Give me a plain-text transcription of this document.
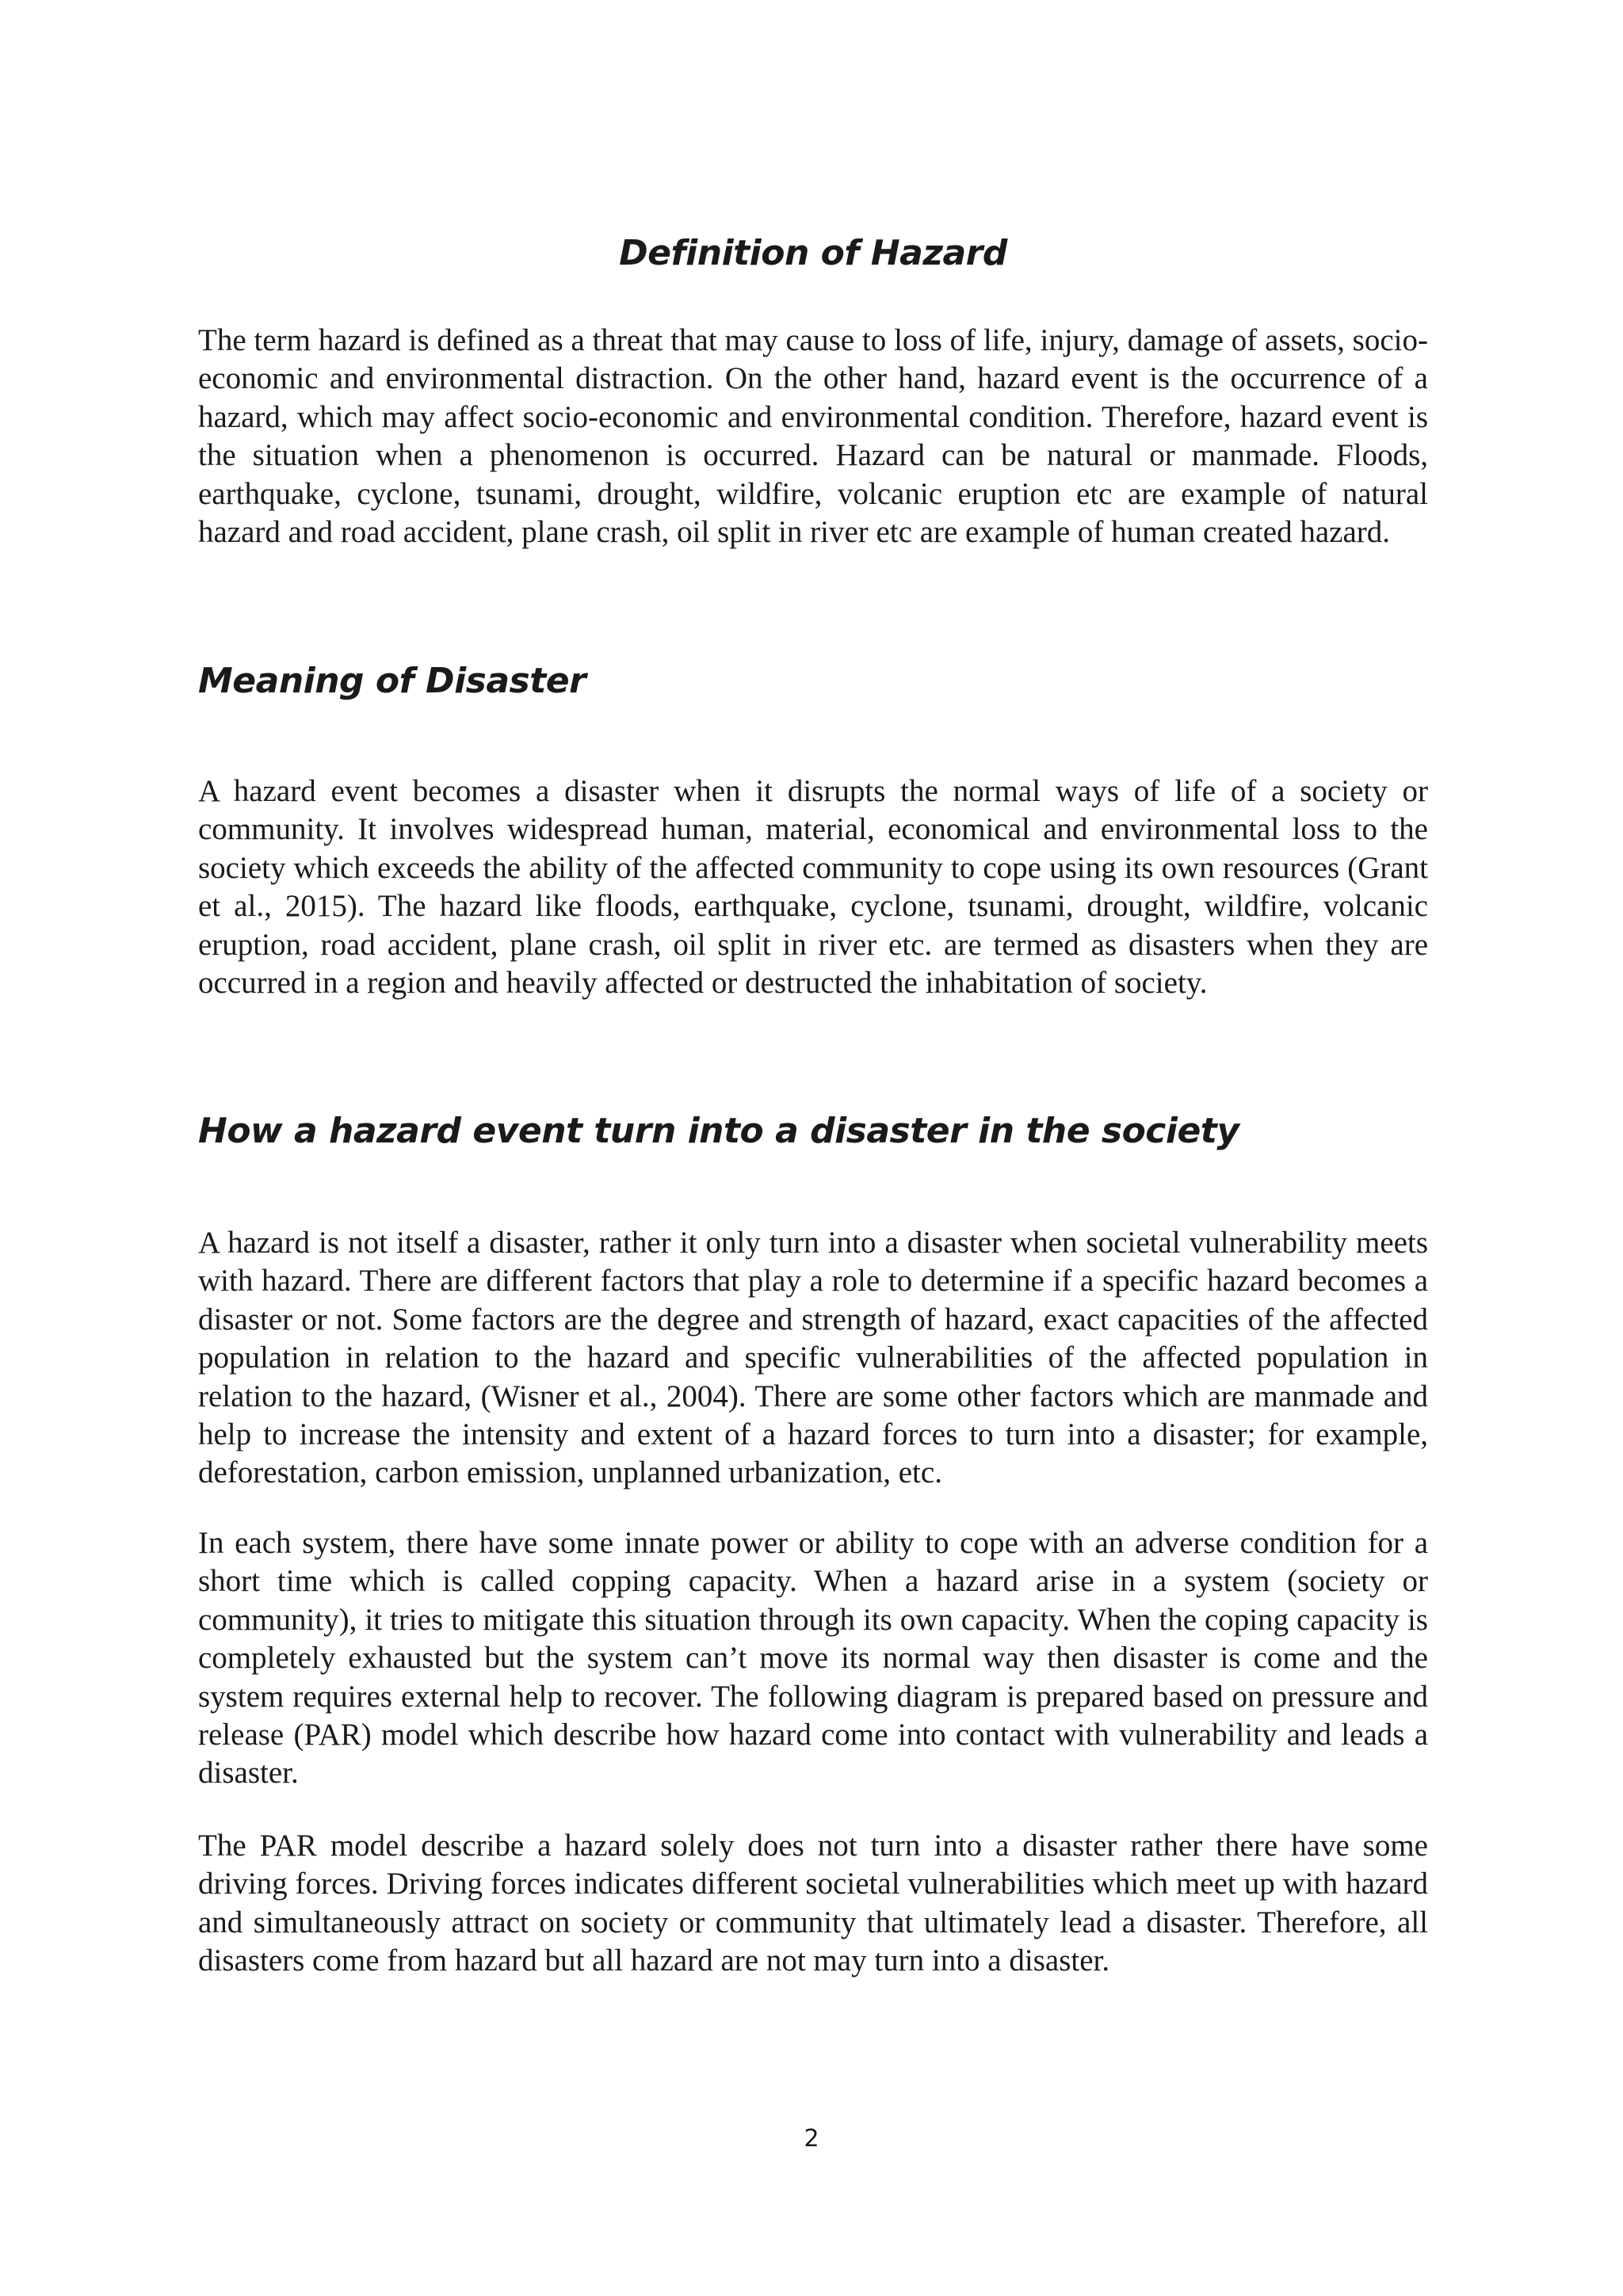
Definition of Hazard

The term hazard is defined as a threat that may cause to loss of life, injury, damage of assets, socio-economic and environmental distraction. On the other hand, hazard event is the occurrence of a hazard, which may affect socio-economic and environmental condition. Therefore, hazard event is the situation when a phenomenon is occurred. Hazard can be natural or manmade. Floods, earthquake, cyclone, tsunami, drought, wildfire, volcanic eruption etc are example of natural hazard and road accident, plane crash, oil split in river etc are example of human created hazard.

Meaning of Disaster

A hazard event becomes a disaster when it disrupts the normal ways of life of a society or community. It involves widespread human, material, economical and environmental loss to the society which exceeds the ability of the affected community to cope using its own resources (Grant et al., 2015). The hazard like floods, earthquake, cyclone, tsunami, drought, wildfire, volcanic eruption, road accident, plane crash, oil split in river etc. are termed as disasters when they are occurred in a region and heavily affected or destructed the inhabitation of society.

How a hazard event turn into a disaster in the society

A hazard is not itself a disaster, rather it only turn into a disaster when societal vulnerability meets with hazard. There are different factors that play a role to determine if a specific hazard becomes a disaster or not. Some factors are the degree and strength of hazard, exact capacities of the affected population in relation to the hazard and specific vulnerabilities of the affected population in relation to the hazard, (Wisner et al., 2004). There are some other factors which are manmade and help to increase the intensity and extent of a hazard forces to turn into a disaster; for example, deforestation, carbon emission, unplanned urbanization, etc.

In each system, there have some innate power or ability to cope with an adverse condition for a short time which is called copping capacity. When a hazard arise in a system (society or community), it tries to mitigate this situation through its own capacity. When the coping capacity is completely exhausted but the system can’t move its normal way then disaster is come and the system requires external help to recover. The following diagram is prepared based on pressure and release (PAR) model which describe how hazard come into contact with vulnerability and leads a disaster.

The PAR model describe a hazard solely does not turn into a disaster rather there have some driving forces. Driving forces indicates different societal vulnerabilities which meet up with hazard and simultaneously attract on society or community that ultimately lead a disaster. Therefore, all disasters come from hazard but all hazard are not may turn into a disaster.

2
